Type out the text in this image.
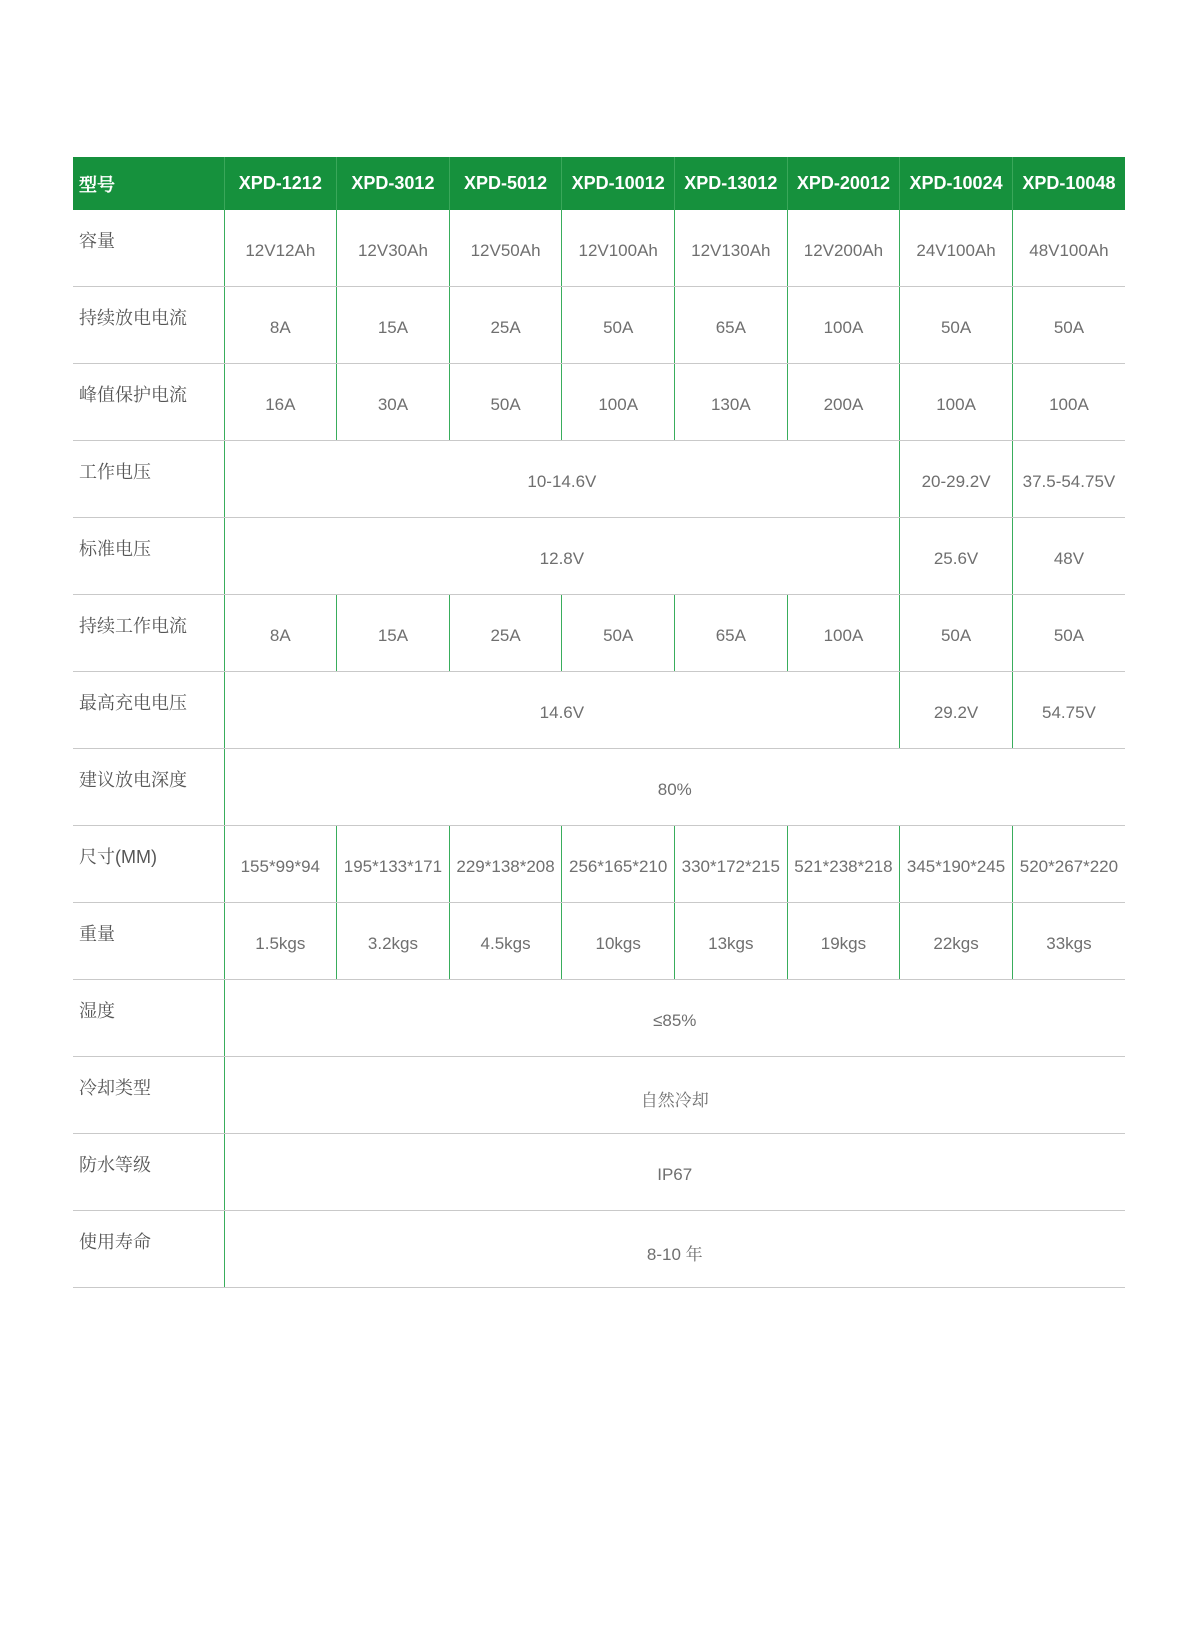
型号	XPD-1212	XPD-3012	XPD-5012	XPD-10012	XPD-13012	XPD-20012	XPD-10024	XPD-10048
容量	12V12Ah	12V30Ah	12V50Ah	12V100Ah	12V130Ah	12V200Ah	24V100Ah	48V100Ah
持续放电电流	8A	15A	25A	50A	65A	100A	50A	50A
峰值保护电流	16A	30A	50A	100A	130A	200A	100A	100A
工作电压	10-14.6V						20-29.2V	37.5-54.75V
标准电压	12.8V						25.6V	48V
持续工作电流	8A	15A	25A	50A	65A	100A	50A	50A
最高充电电压	14.6V						29.2V	54.75V
建议放电深度	80%							
尺寸(MM)	155*99*94	195*133*171	229*138*208	256*165*210	330*172*215	521*238*218	345*190*245	520*267*220
重量	1.5kgs	3.2kgs	4.5kgs	10kgs	13kgs	19kgs	22kgs	33kgs
湿度	≤85%							
冷却类型	自然冷却							
防水等级	IP67							
使用寿命	8-10 年							
